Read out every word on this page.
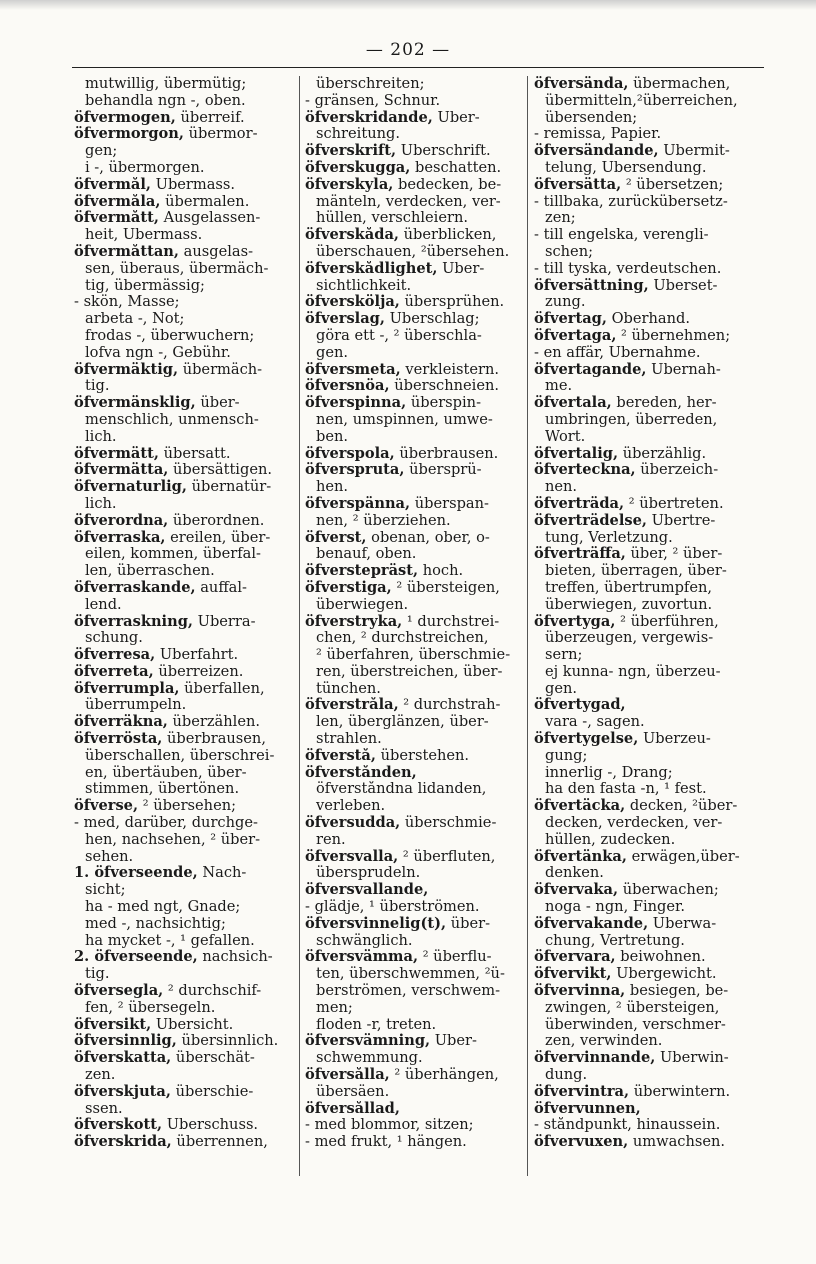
— 202 —
mutwillig, übermütig;
behandla ngn -, oben.
öfvermogen, überreif.
öfvermorgon, übermor-
gen;
i -, übermorgen.
öfvermål, Übermass.
öfvermåla, übermalen.
öfvermått, Ausgelassen-
heit, Übermass.
öfvermåttan, ausgelas-
sen, überaus, übermäch-
tig, übermässig;
- skön, Masse;
arbeta -, Not;
frodas -, überwuchern;
lofva ngn -, Gebühr.
öfvermäktig, übermäch-
tig.
öfvermänsklig, über-
menschlich, unmensch-
lich.
öfvermätt, übersatt.
öfvermätta, übersättigen.
öfvernaturlig, übernatür-
lich.
öfverordna, überordnen.
öfverraska, ereilen, über-
eilen, kommen, überfal-
len, überraschen.
öfverraskande, auffal-
lend.
öfverraskning, Überra-
schung.
öfverresa, Überfahrt.
öfverreta, überreizen.
öfverrumpla, überfallen,
überrumpeln.
öfverräkna, überzählen.
öfverrösta, überbrausen,
überschallen, überschrei-
en, übertäuben, über-
stimmen, übertönen.
öfverse, ² übersehen;
- med, darüber, durchge-
hen, nachsehen, ² über-
sehen.
1. öfverseende, Nach-
sicht;
ha - med ngt, Gnade;
med -, nachsichtig;
ha mycket -, ¹ gefallen.
2. öfverseende, nachsich-
tig.
öfversegla, ² durchschif-
fen, ² übersegeln.
öfversikt, Übersicht.
öfversinnlig, übersinnlich.
öfverskatta, überschät-
zen.
öfverskjuta, überschie-
ssen.
öfverskott, Überschuss.
öfverskrida, überrennen,
überschreiten;
- gränsen, Schnur.
öfverskridande, Über-
schreitung.
öfverskrift, Überschrift.
öfverskugga, beschatten.
öfverskyla, bedecken, be-
mänteln, verdecken, ver-
hüllen, verschleiern.
öfverskåda, überblicken,
überschauen, ²übersehen.
öfverskådlighet, Über-
sichtlichkeit.
öfversköljа, übersprühen.
öfverslag, Überschlag;
göra ett -, ² überschla-
gen.
öfversmeta, verkleistern.
öfversnöa, überschneien.
öfverspinna, überspin-
nen, umspinnen, umwe-
ben.
öfverspola, überbrausen.
öfversprutа, übersprü-
hen.
öfverspänna, überspan-
nen, ² überziehen.
öfverst, obenan, ober, o-
benauf, oben.
öfverstepräst, hoch.
öfverstiga, ² übersteigen,
überwiegen.
öfverstryka, ¹ durchstrei-
chen, ² durchstreichen,
² überfahren, überschmie-
ren, überstreichen, über-
tünchen.
öfverstråla, ² durchstrah-
len, überglänzen, über-
strahlen.
öfverstå, überstehen.
öfverstånden,
öfverståndna lidanden,
verleben.
öfversudda, überschmie-
ren.
öfversvalla, ² überfluten,
übersprudeln.
öfversvallande,
- glädje, ¹ überströmen.
öfversvinnelig(t), über-
schwänglich.
öfversvämma, ² überflu-
ten, überschwemmen, ²ü-
berströmen, verschwem-
men;
floden -r, treten.
öfversvämning, Über-
schwemmung.
öfversålla, ² überhängen,
übersäen.
öfversållad,
- med blommor, sitzen;
- med frukt, ¹ hängen.
öfversända, übermachen,
übermitteln,²überreichen,
übersenden;
- remissa, Papier.
öfversändande, Übermit-
telung, Übersendung.
öfversätta, ² übersetzen;
- tillbaka, zurückübersetz-
zen;
- till engelska, verengli-
schen;
- till tyska, verdeutschen.
öfversättning, Überset-
zung.
öfvertag, Oberhand.
öfvertaga, ² übernehmen;
- en affär, Übernahme.
öfvertagande, Übernah-
me.
öfvertala, bereden, her-
umbringen, überreden,
Wort.
öfvertalig, überzählig.
öfverteckna, überzeich-
nen.
öfverträda, ² übertreten.
öfverträdelse, Übertre-
tung, Verletzung.
öfverträffa, über, ² über-
bieten, überragen, über-
treffen, übertrumpfen,
überwiegen, zuvortun.
öfvertyga, ² überführen,
überzeugen, vergewis-
sern;
ej kunna- ngn, überzeu-
gen.
öfvertygad,
vara -, sagen.
öfvertygelse, Überzeu-
gung;
innerlig -, Drang;
ha den fasta -n, ¹ fest.
öfvertäcka, decken, ²über-
decken, verdecken, ver-
hüllen, zudecken.
öfvertänka, erwägen,über-
denken.
öfvervaka, überwachen;
noga - ngn, Finger.
öfvervakande, Überwa-
chung, Vertretung.
öfvervara, beiwohnen.
öfvervikt, Übergewicht.
öfvervinna, besiegen, be-
zwingen, ² übersteigen,
überwinden, verschmer-
zen, verwinden.
öfvervinnande, Überwin-
dung.
öfvervintra, überwintern.
öfvervunnen,
- ståndpunkt, hinaussein.
öfvervuxen, umwachsen.
